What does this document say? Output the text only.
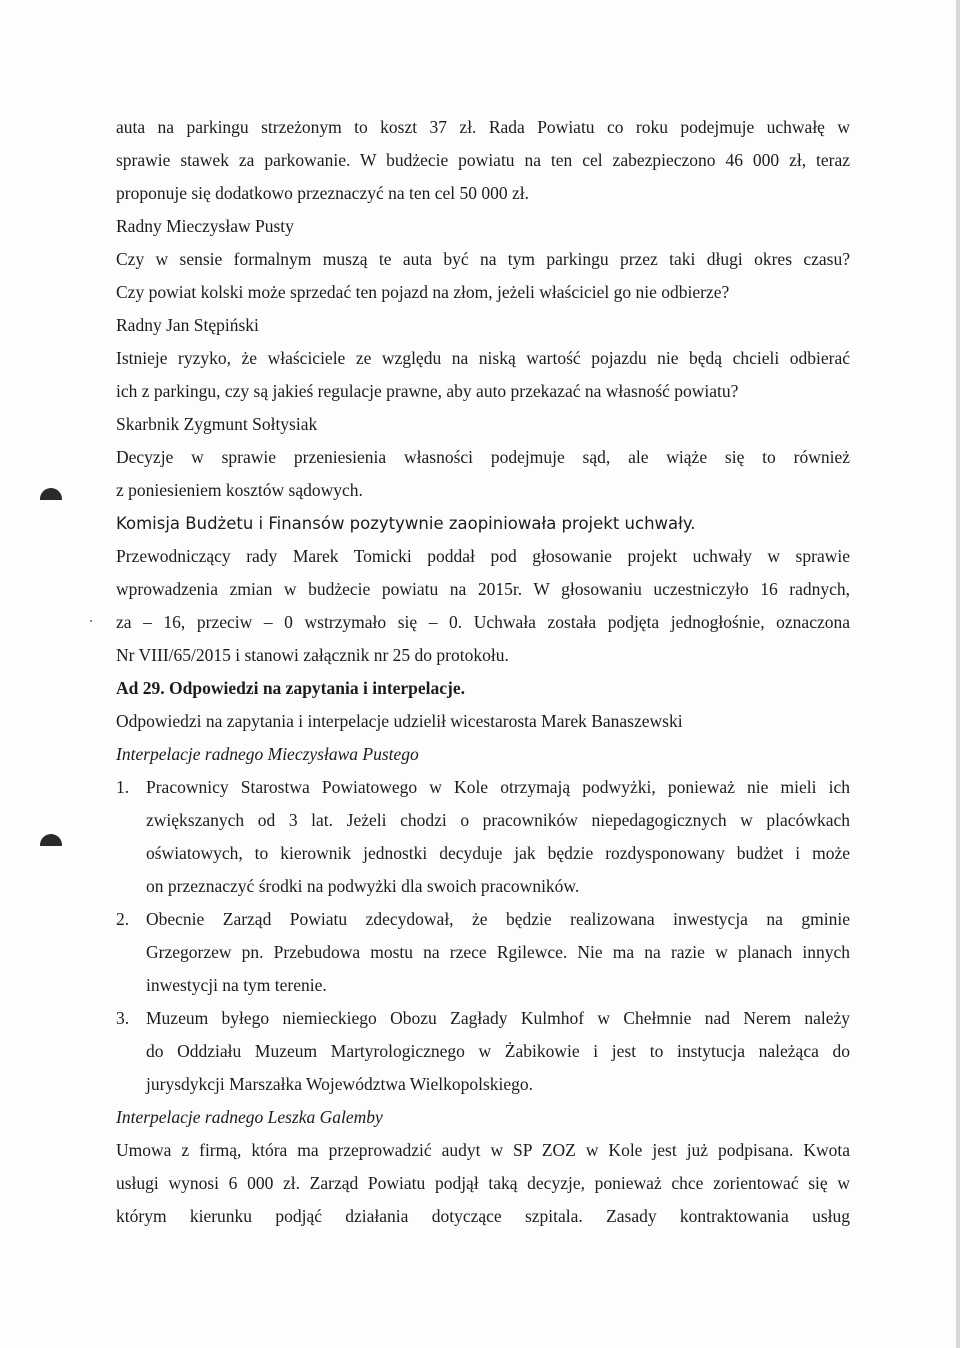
auta na parkingu strzeżonym to koszt 37 zł. Rada Powiatu co roku podejmuje uchwałę w
sprawie stawek za parkowanie. W budżecie powiatu na ten cel zabezpieczono 46 000 zł, teraz
proponuje się dodatkowo przeznaczyć na ten cel 50 000 zł.
Radny Mieczysław Pusty
Czy w sensie formalnym muszą te auta być na tym parkingu przez taki długi okres czasu?
Czy powiat kolski może sprzedać ten pojazd na złom, jeżeli właściciel go nie odbierze?
Radny Jan Stępiński
Istnieje ryzyko, że właściciele ze względu na niską wartość pojazdu nie będą chcieli odbierać
ich z parkingu, czy są jakieś regulacje prawne, aby auto przekazać na własność powiatu?
Skarbnik Zygmunt Sołtysiak
Decyzje w sprawie przeniesienia własności podejmuje sąd, ale wiąże się to również
z poniesieniem kosztów sądowych.
Komisja Budżetu i Finansów pozytywnie zaopiniowała projekt uchwały.
Przewodniczący rady Marek Tomicki poddał pod głosowanie projekt uchwały w sprawie
wprowadzenia zmian w budżecie powiatu na 2015r. W głosowaniu uczestniczyło 16 radnych,
za – 16, przeciw – 0 wstrzymało się – 0. Uchwała została podjęta jednogłośnie, oznaczona
Nr VIII/65/2015 i stanowi załącznik nr 25 do protokołu.
Ad 29. Odpowiedzi na zapytania i interpelacje.
Odpowiedzi na zapytania i interpelacje udzielił wicestarosta Marek Banaszewski
Interpelacje radnego Mieczysława Pustego
1. Pracownicy Starostwa Powiatowego w Kole otrzymają podwyżki, ponieważ nie mieli ich
zwiększanych od 3 lat. Jeżeli chodzi o pracowników niepedagogicznych w placówkach
oświatowych, to kierownik jednostki decyduje jak będzie rozdysponowany budżet i może
on przeznaczyć środki na podwyżki dla swoich pracowników.
2. Obecnie Zarząd Powiatu zdecydował, że będzie realizowana inwestycja na gminie
Grzegorzew pn. Przebudowa mostu na rzece Rgilewce. Nie ma na razie w planach innych
inwestycji na tym terenie.
3. Muzeum byłego niemieckiego Obozu Zagłady Kulmhof w Chełmnie nad Nerem należy
do Oddziału Muzeum Martyrologicznego w Żabikowie i jest to instytucja należąca do
jurysdykcji Marszałka Województwa Wielkopolskiego.
Interpelacje radnego Leszka Galemby
Umowa z firmą, która ma przeprowadzić audyt w SP ZOZ w Kole jest już podpisana. Kwota
usługi wynosi 6 000 zł. Zarząd Powiatu podjął taką decyzje, ponieważ chce zorientować się w
którym kierunku podjąć działania dotyczące szpitala. Zasady kontraktowania usług
